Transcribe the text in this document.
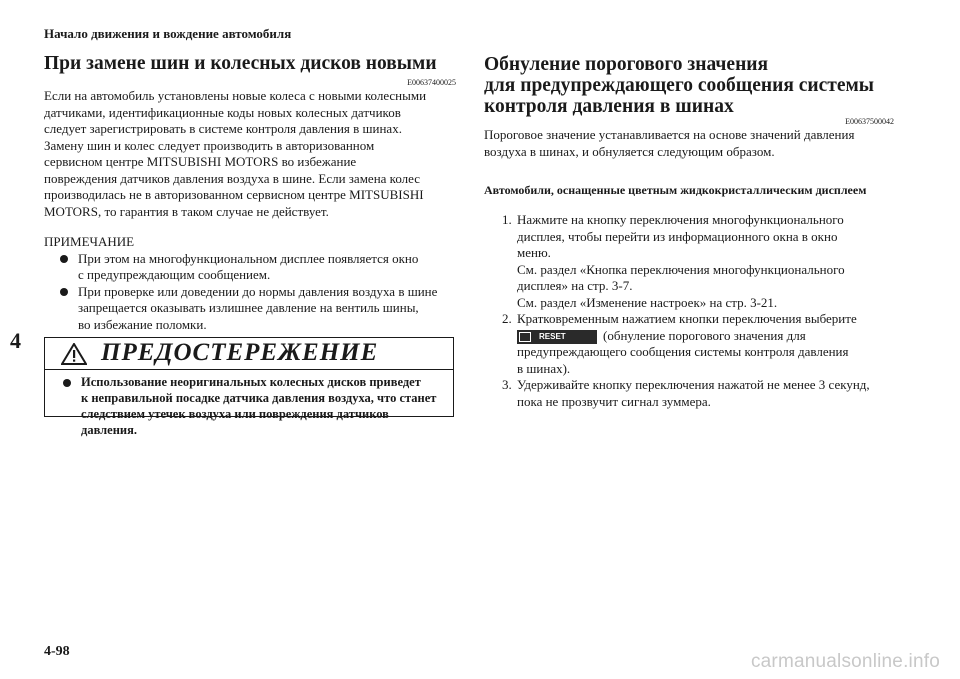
Начало движения и вождение автомобиля
4
При замене шин и колесных дисков новыми
E00637400025
Если на автомобиль установлены новые колеса с новыми колесными
датчиками, идентификационные коды новых колесных датчиков
следует зарегистрировать в системе контроля давления в шинах.
Замену шин и колес следует производить в авторизованном
сервисном центре MITSUBISHI MOTORS во избежание
повреждения датчиков давления воздуха в шине. Если замена колес
производилась не в авторизованном сервисном центре MITSUBISHI
MOTORS, то гарантия в таком случае не действует.
ПРИМЕЧАНИЕ
При этом на многофункциональном дисплее появляется окно
с предупреждающим сообщением.
При проверке или доведении до нормы давления воздуха в шине
запрещается оказывать излишнее давление на вентиль шины,
во избежание поломки.
ПРЕДОСТЕРЕЖЕНИЕ
Использование неоригинальных колесных дисков приведет
к неправильной посадке датчика давления воздуха, что станет
следствием утечек воздуха или повреждения датчиков давления.
Обнуление порогового значения
для предупреждающего сообщения системы
контроля давления в шинах
E00637500042
Пороговое значение устанавливается на основе значений давления
воздуха в шинах, и обнуляется следующим образом.
Автомобили, оснащенные цветным жидкокристаллическим дисплеем
1. Нажмите на кнопку переключения многофункционального
дисплея, чтобы перейти из информационного окна в окно
меню.
См. раздел «Кнопка переключения многофункционального
дисплея» на стр. 3-7.
См. раздел «Изменение настроек» на стр. 3-21.
2. Кратковременным нажатием кнопки переключения выберите
RESET	(обнуление порогового значения для
предупреждающего сообщения системы контроля давления
в шинах).
3. Удерживайте кнопку переключения нажатой не менее 3 секунд,
пока не прозвучит сигнал зуммера.
4-98	carmanualsonline.info
